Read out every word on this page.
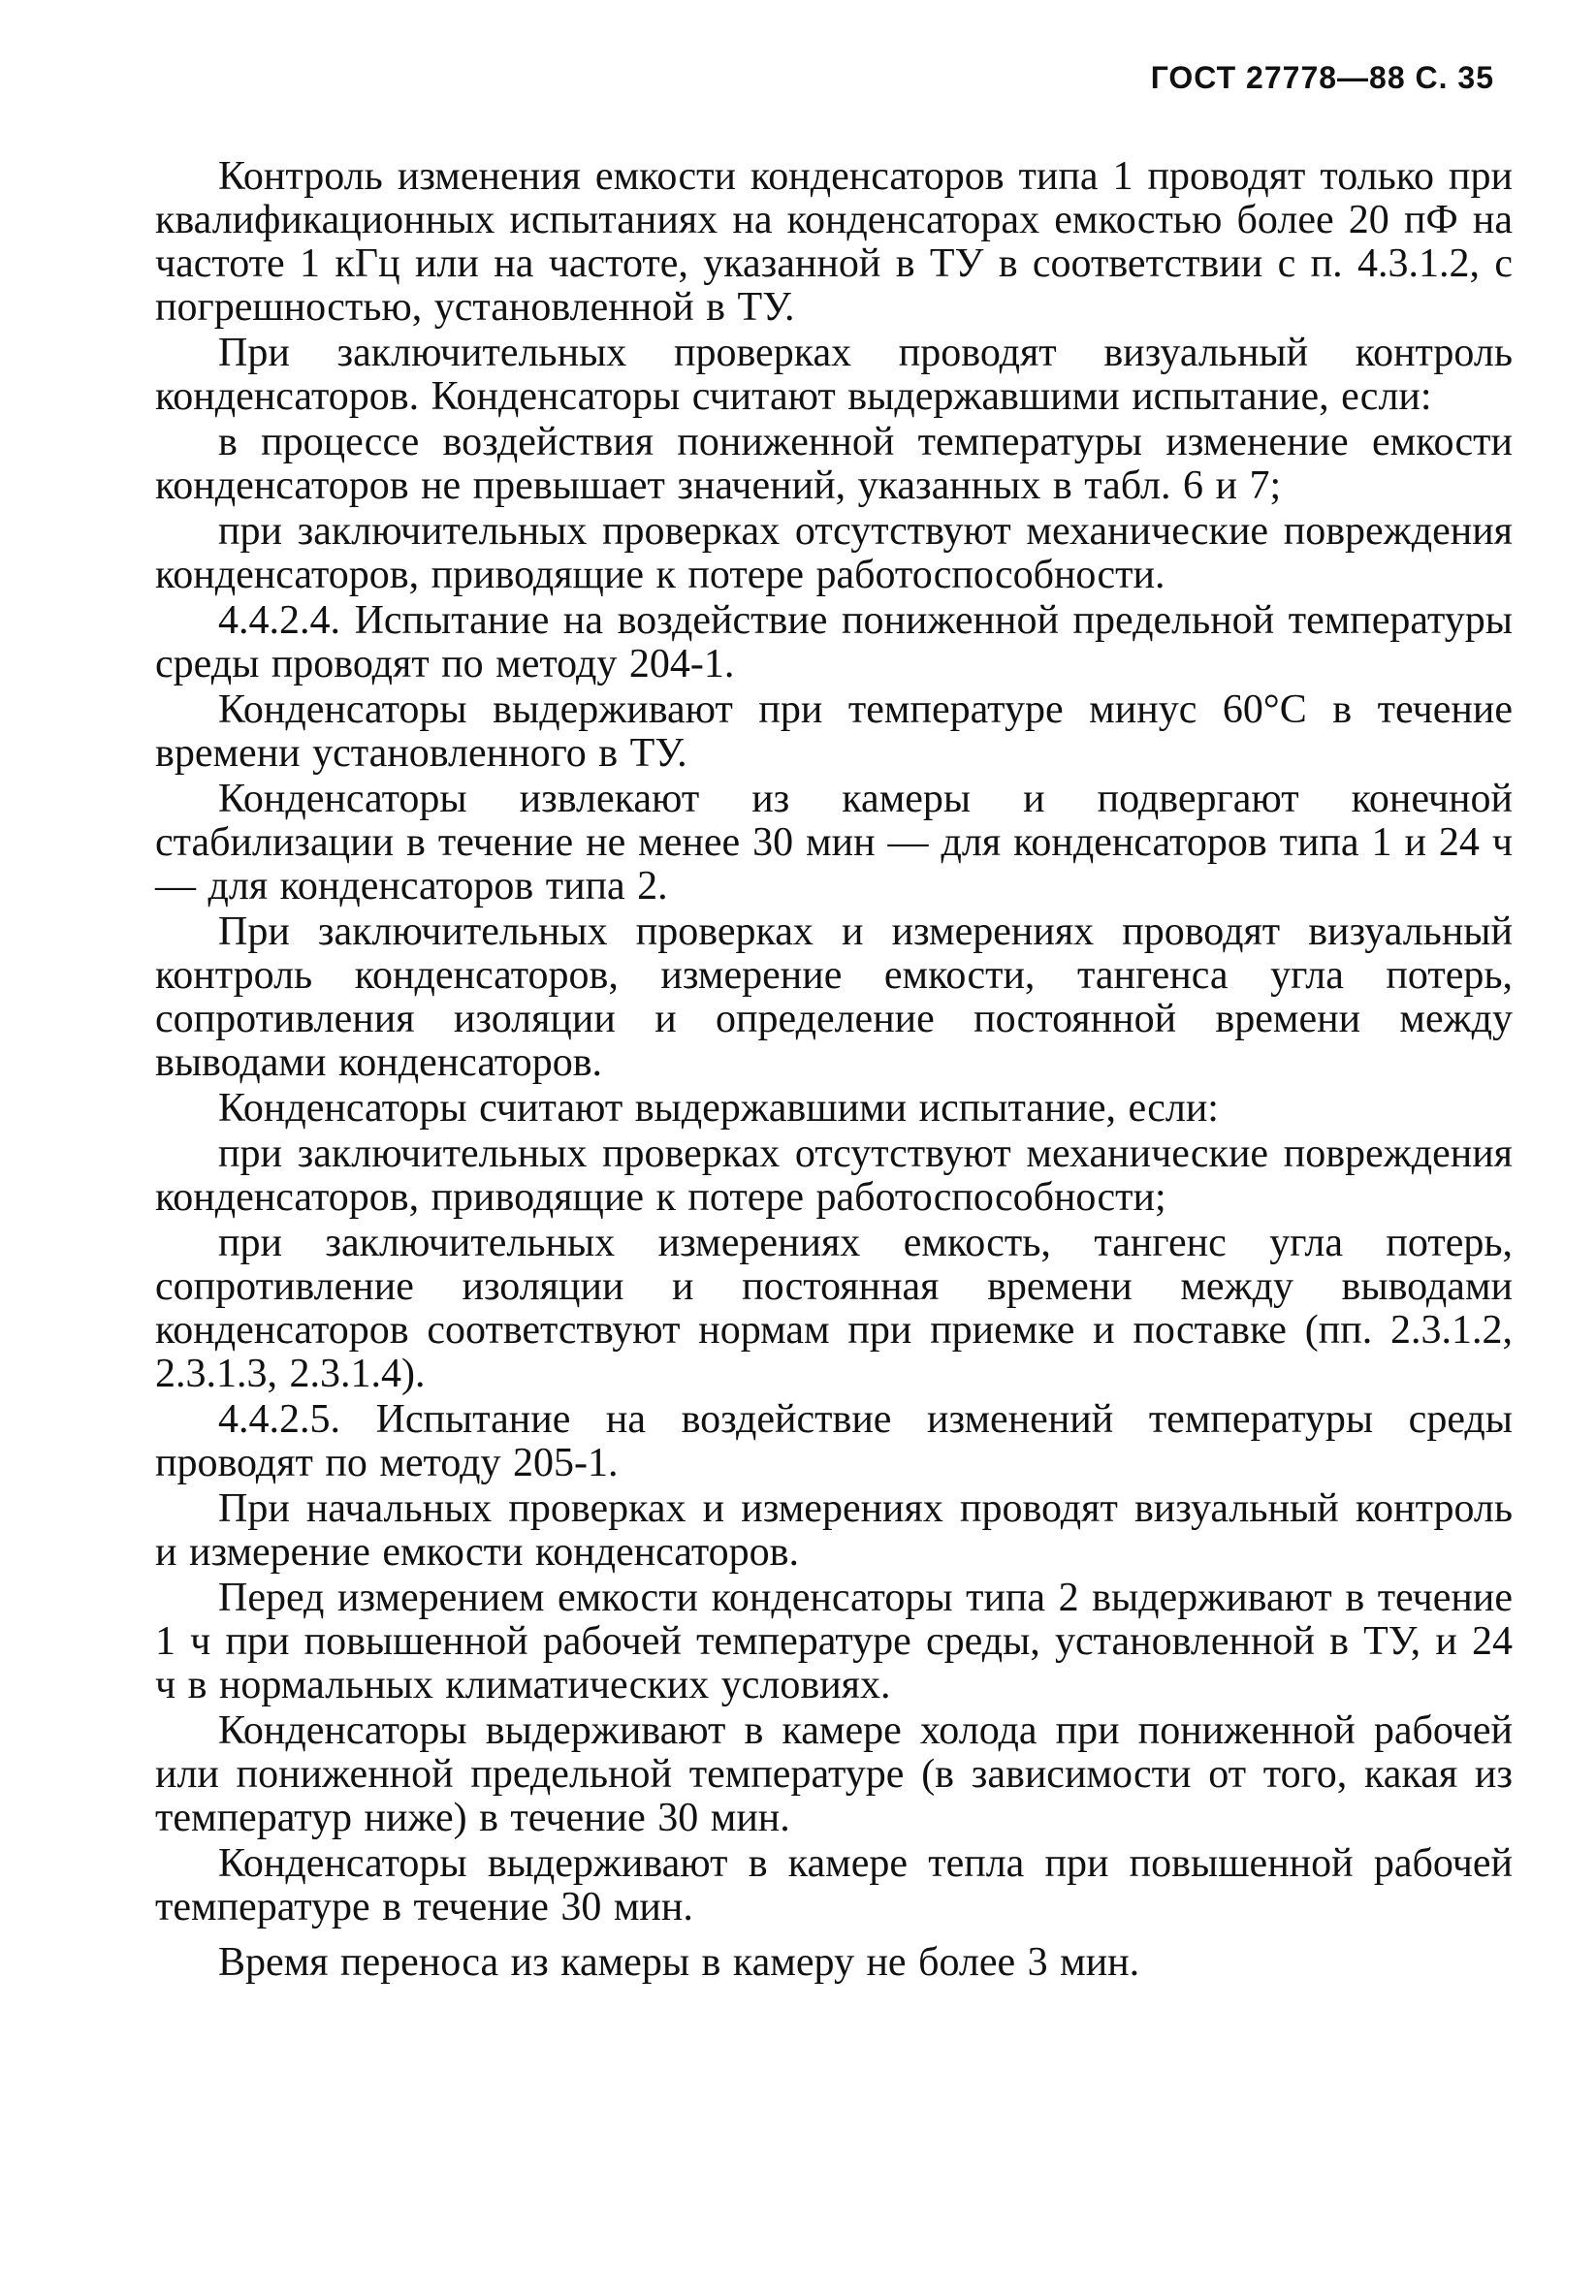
ГОСТ 27778—88 С. 35

Контроль изменения емкости конденсаторов типа 1 проводят только при квалификационных испытаниях на конденсаторах емкостью более 20 пФ на частоте 1 кГц или на частоте, указанной в ТУ в соответствии с п. 4.3.1.2, с погрешностью, установленной в ТУ.

При заключительных проверках проводят визуальный контроль конденсаторов. Конденсаторы считают выдержавшими испытание, если:

в процессе воздействия пониженной температуры изменение емкости конденсаторов не превышает значений, указанных в табл. 6 и 7;

при заключительных проверках отсутствуют механические повреждения конденсаторов, приводящие к потере работоспособности.

4.4.2.4. Испытание на воздействие пониженной предельной температуры среды проводят по методу 204-1.

Конденсаторы выдерживают при температуре минус 60°С в течение времени установленного в ТУ.

Конденсаторы извлекают из камеры и подвергают конечной стабилизации в течение не менее 30 мин — для конденсаторов типа 1 и 24 ч — для конденсаторов типа 2.

При заключительных проверках и измерениях проводят визуальный контроль конденсаторов, измерение емкости, тангенса угла потерь, сопротивления изоляции и определение постоянной времени между выводами конденсаторов.

Конденсаторы считают выдержавшими испытание, если:

при заключительных проверках отсутствуют механические повреждения конденсаторов, приводящие к потере работоспособности;

при заключительных измерениях емкость, тангенс угла потерь, сопротивление изоляции и постоянная времени между выводами конденсаторов соответствуют нормам при приемке и поставке (пп. 2.3.1.2, 2.3.1.3, 2.3.1.4).

4.4.2.5. Испытание на воздействие изменений температуры среды проводят по методу 205-1.

При начальных проверках и измерениях проводят визуальный контроль и измерение емкости конденсаторов.

Перед измерением емкости конденсаторы типа 2 выдерживают в течение 1 ч при повышенной рабочей температуре среды, установленной в ТУ, и 24 ч в нормальных климатических условиях.

Конденсаторы выдерживают в камере холода при пониженной рабочей или пониженной предельной температуре (в зависимости от того, какая из температур ниже) в течение 30 мин.

Конденсаторы выдерживают в камере тепла при повышенной рабочей температуре в течение 30 мин.

Время переноса из камеры в камеру не более 3 мин.
